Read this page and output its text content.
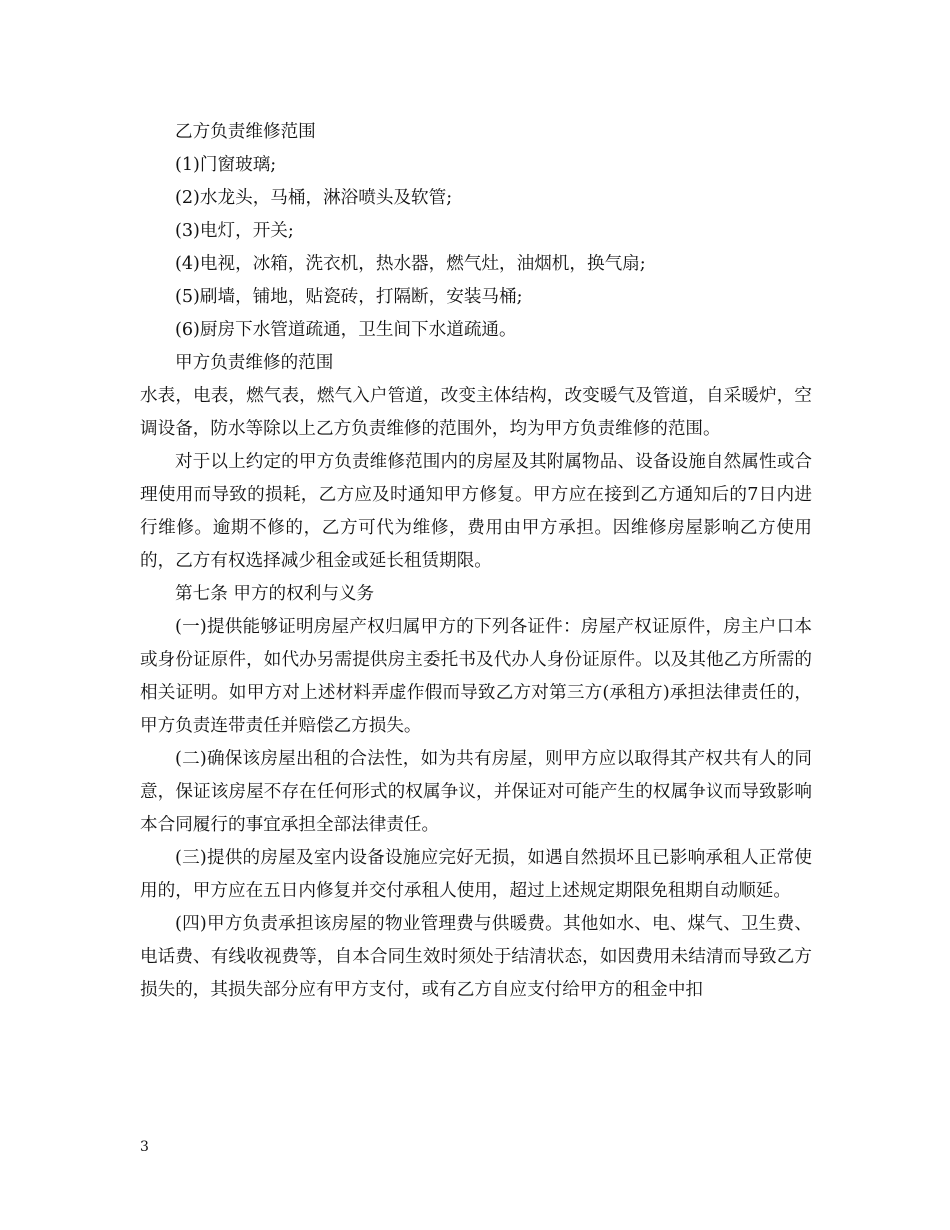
乙方负责维修范围

(1)门窗玻璃;

(2)水龙头，马桶，淋浴喷头及软管;

(3)电灯，开关;

(4)电视，冰箱，洗衣机，热水器，燃气灶，油烟机，换气扇;

(5)刷墙，铺地，贴瓷砖，打隔断，安装马桶;

(6)厨房下水管道疏通，卫生间下水道疏通。

甲方负责维修的范围

水表，电表，燃气表，燃气入户管道，改变主体结构，改变暖气及管道，自采暖炉，空调设备，防水等除以上乙方负责维修的范围外，均为甲方负责维修的范围。

对于以上约定的甲方负责维修范围内的房屋及其附属物品、设备设施自然属性或合理使用而导致的损耗，乙方应及时通知甲方修复。甲方应在接到乙方通知后的7日内进行维修。逾期不修的，乙方可代为维修，费用由甲方承担。因维修房屋影响乙方使用的，乙方有权选择减少租金或延长租赁期限。

第七条 甲方的权利与义务

(一)提供能够证明房屋产权归属甲方的下列各证件：房屋产权证原件，房主户口本或身份证原件，如代办另需提供房主委托书及代办人身份证原件。以及其他乙方所需的相关证明。如甲方对上述材料弄虚作假而导致乙方对第三方(承租方)承担法律责任的，甲方负责连带责任并赔偿乙方损失。

(二)确保该房屋出租的合法性，如为共有房屋，则甲方应以取得其产权共有人的同意，保证该房屋不存在任何形式的权属争议，并保证对可能产生的权属争议而导致影响本合同履行的事宜承担全部法律责任。

(三)提供的房屋及室内设备设施应完好无损，如遇自然损坏且已影响承租人正常使用的，甲方应在五日内修复并交付承租人使用，超过上述规定期限免租期自动顺延。

(四)甲方负责承担该房屋的物业管理费与供暖费。其他如水、电、煤气、卫生费、电话费、有线收视费等，自本合同生效时须处于结清状态，如因费用未结清而导致乙方损失的，其损失部分应有甲方支付，或有乙方自应支付给甲方的租金中扣

3
